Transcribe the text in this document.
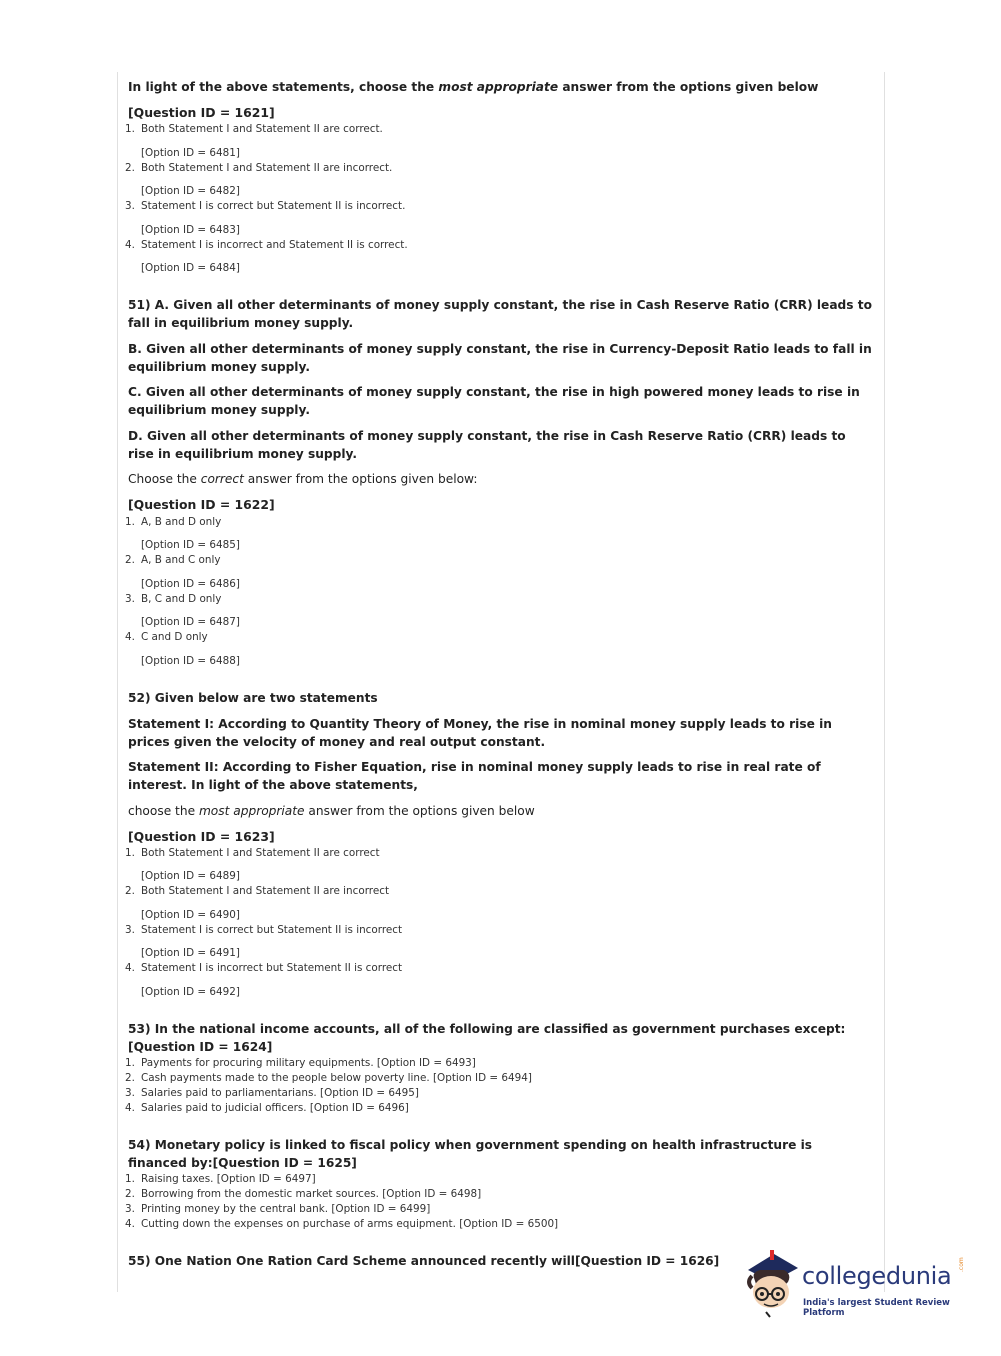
In light of the above statements, choose the most appropriate answer from the options given below
[Question ID = 1621]
1. Both Statement I and Statement II are correct.
[Option ID = 6481]
2. Both Statement I and Statement II are incorrect.
[Option ID = 6482]
3. Statement I is correct but Statement II is incorrect.
[Option ID = 6483]
4. Statement I is incorrect and Statement II is correct.
[Option ID = 6484]
51) A. Given all other determinants of money supply constant, the rise in Cash Reserve Ratio (CRR) leads to fall in equilibrium money supply.
B. Given all other determinants of money supply constant, the rise in Currency-Deposit Ratio leads to fall in equilibrium money supply.
C. Given all other determinants of money supply constant, the rise in high powered money leads to rise in equilibrium money supply.
D. Given all other determinants of money supply constant, the rise in Cash Reserve Ratio (CRR) leads to rise in equilibrium money supply.
Choose the correct answer from the options given below:
[Question ID = 1622]
1. A, B and D only
[Option ID = 6485]
2. A, B and C only
[Option ID = 6486]
3. B, C and D only
[Option ID = 6487]
4. C and D only
[Option ID = 6488]
52) Given below are two statements
Statement I: According to Quantity Theory of Money, the rise in nominal money supply leads to rise in prices given the velocity of money and real output constant.
Statement II: According to Fisher Equation, rise in nominal money supply leads to rise in real rate of interest. In light of the above statements,
choose the most appropriate answer from the options given below
[Question ID = 1623]
1. Both Statement I and Statement II are correct
[Option ID = 6489]
2. Both Statement I and Statement II are incorrect
[Option ID = 6490]
3. Statement I is correct but Statement II is incorrect
[Option ID = 6491]
4. Statement I is incorrect but Statement II is correct
[Option ID = 6492]
53) In the national income accounts, all of the following are classified as government purchases except:[Question ID = 1624]
1. Payments for procuring military equipments. [Option ID = 6493]
2. Cash payments made to the people below poverty line. [Option ID = 6494]
3. Salaries paid to parliamentarians. [Option ID = 6495]
4. Salaries paid to judicial officers. [Option ID = 6496]
54) Monetary policy is linked to fiscal policy when government spending on health infrastructure is financed by:[Question ID = 1625]
1. Raising taxes. [Option ID = 6497]
2. Borrowing from the domestic market sources. [Option ID = 6498]
3. Printing money by the central bank. [Option ID = 6499]
4. Cutting down the expenses on purchase of arms equipment. [Option ID = 6500]
55) One Nation One Ration Card Scheme announced recently will[Question ID = 1626]
collegedunia .com
India's largest Student Review Platform
